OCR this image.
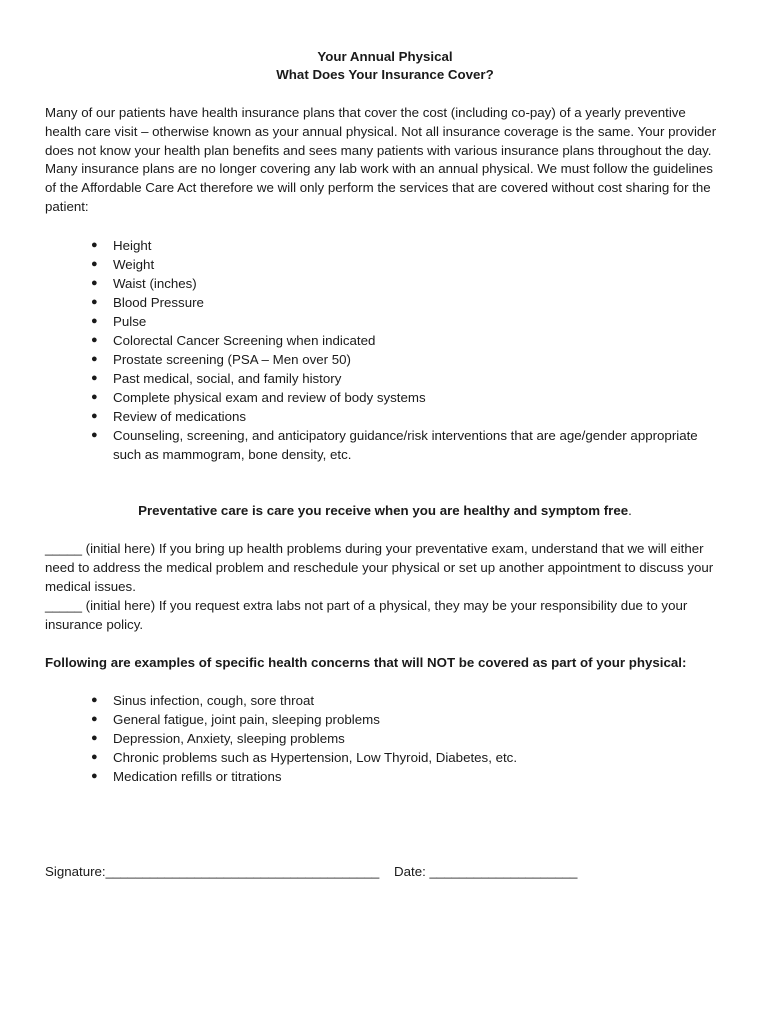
Your Annual Physical
What Does Your Insurance Cover?
Many of our patients have health insurance plans that cover the cost (including co-pay) of a yearly preventive health care visit – otherwise known as your annual physical. Not all insurance coverage is the same. Your provider does not know your health plan benefits and sees many patients with various insurance plans throughout the day. Many insurance plans are no longer covering any lab work with an annual physical. We must follow the guidelines of the Affordable Care Act therefore we will only perform the services that are covered without cost sharing for the patient:
● Height
● Weight
● Waist (inches)
● Blood Pressure
● Pulse
● Colorectal Cancer Screening when indicated
● Prostate screening (PSA – Men over 50)
● Past medical, social, and family history
● Complete physical exam and review of body systems
● Review of medications
● Counseling, screening, and anticipatory guidance/risk interventions that are age/gender appropriate such as mammogram, bone density, etc.
Preventative care is care you receive when you are healthy and symptom free.
_____ (initial here) If you bring up health problems during your preventative exam, understand that we will either need to address the medical problem and reschedule your physical or set up another appointment to discuss your medical issues.
_____ (initial here) If you request extra labs not part of a physical, they may be your responsibility due to your insurance policy.
Following are examples of specific health concerns that will NOT be covered as part of your physical:
● Sinus infection, cough, sore throat
● General fatigue, joint pain, sleeping problems
● Depression, Anxiety, sleeping problems
● Chronic problems such as Hypertension, Low Thyroid, Diabetes, etc.
● Medication refills or titrations
Signature:_____________________________________ Date: ____________________
